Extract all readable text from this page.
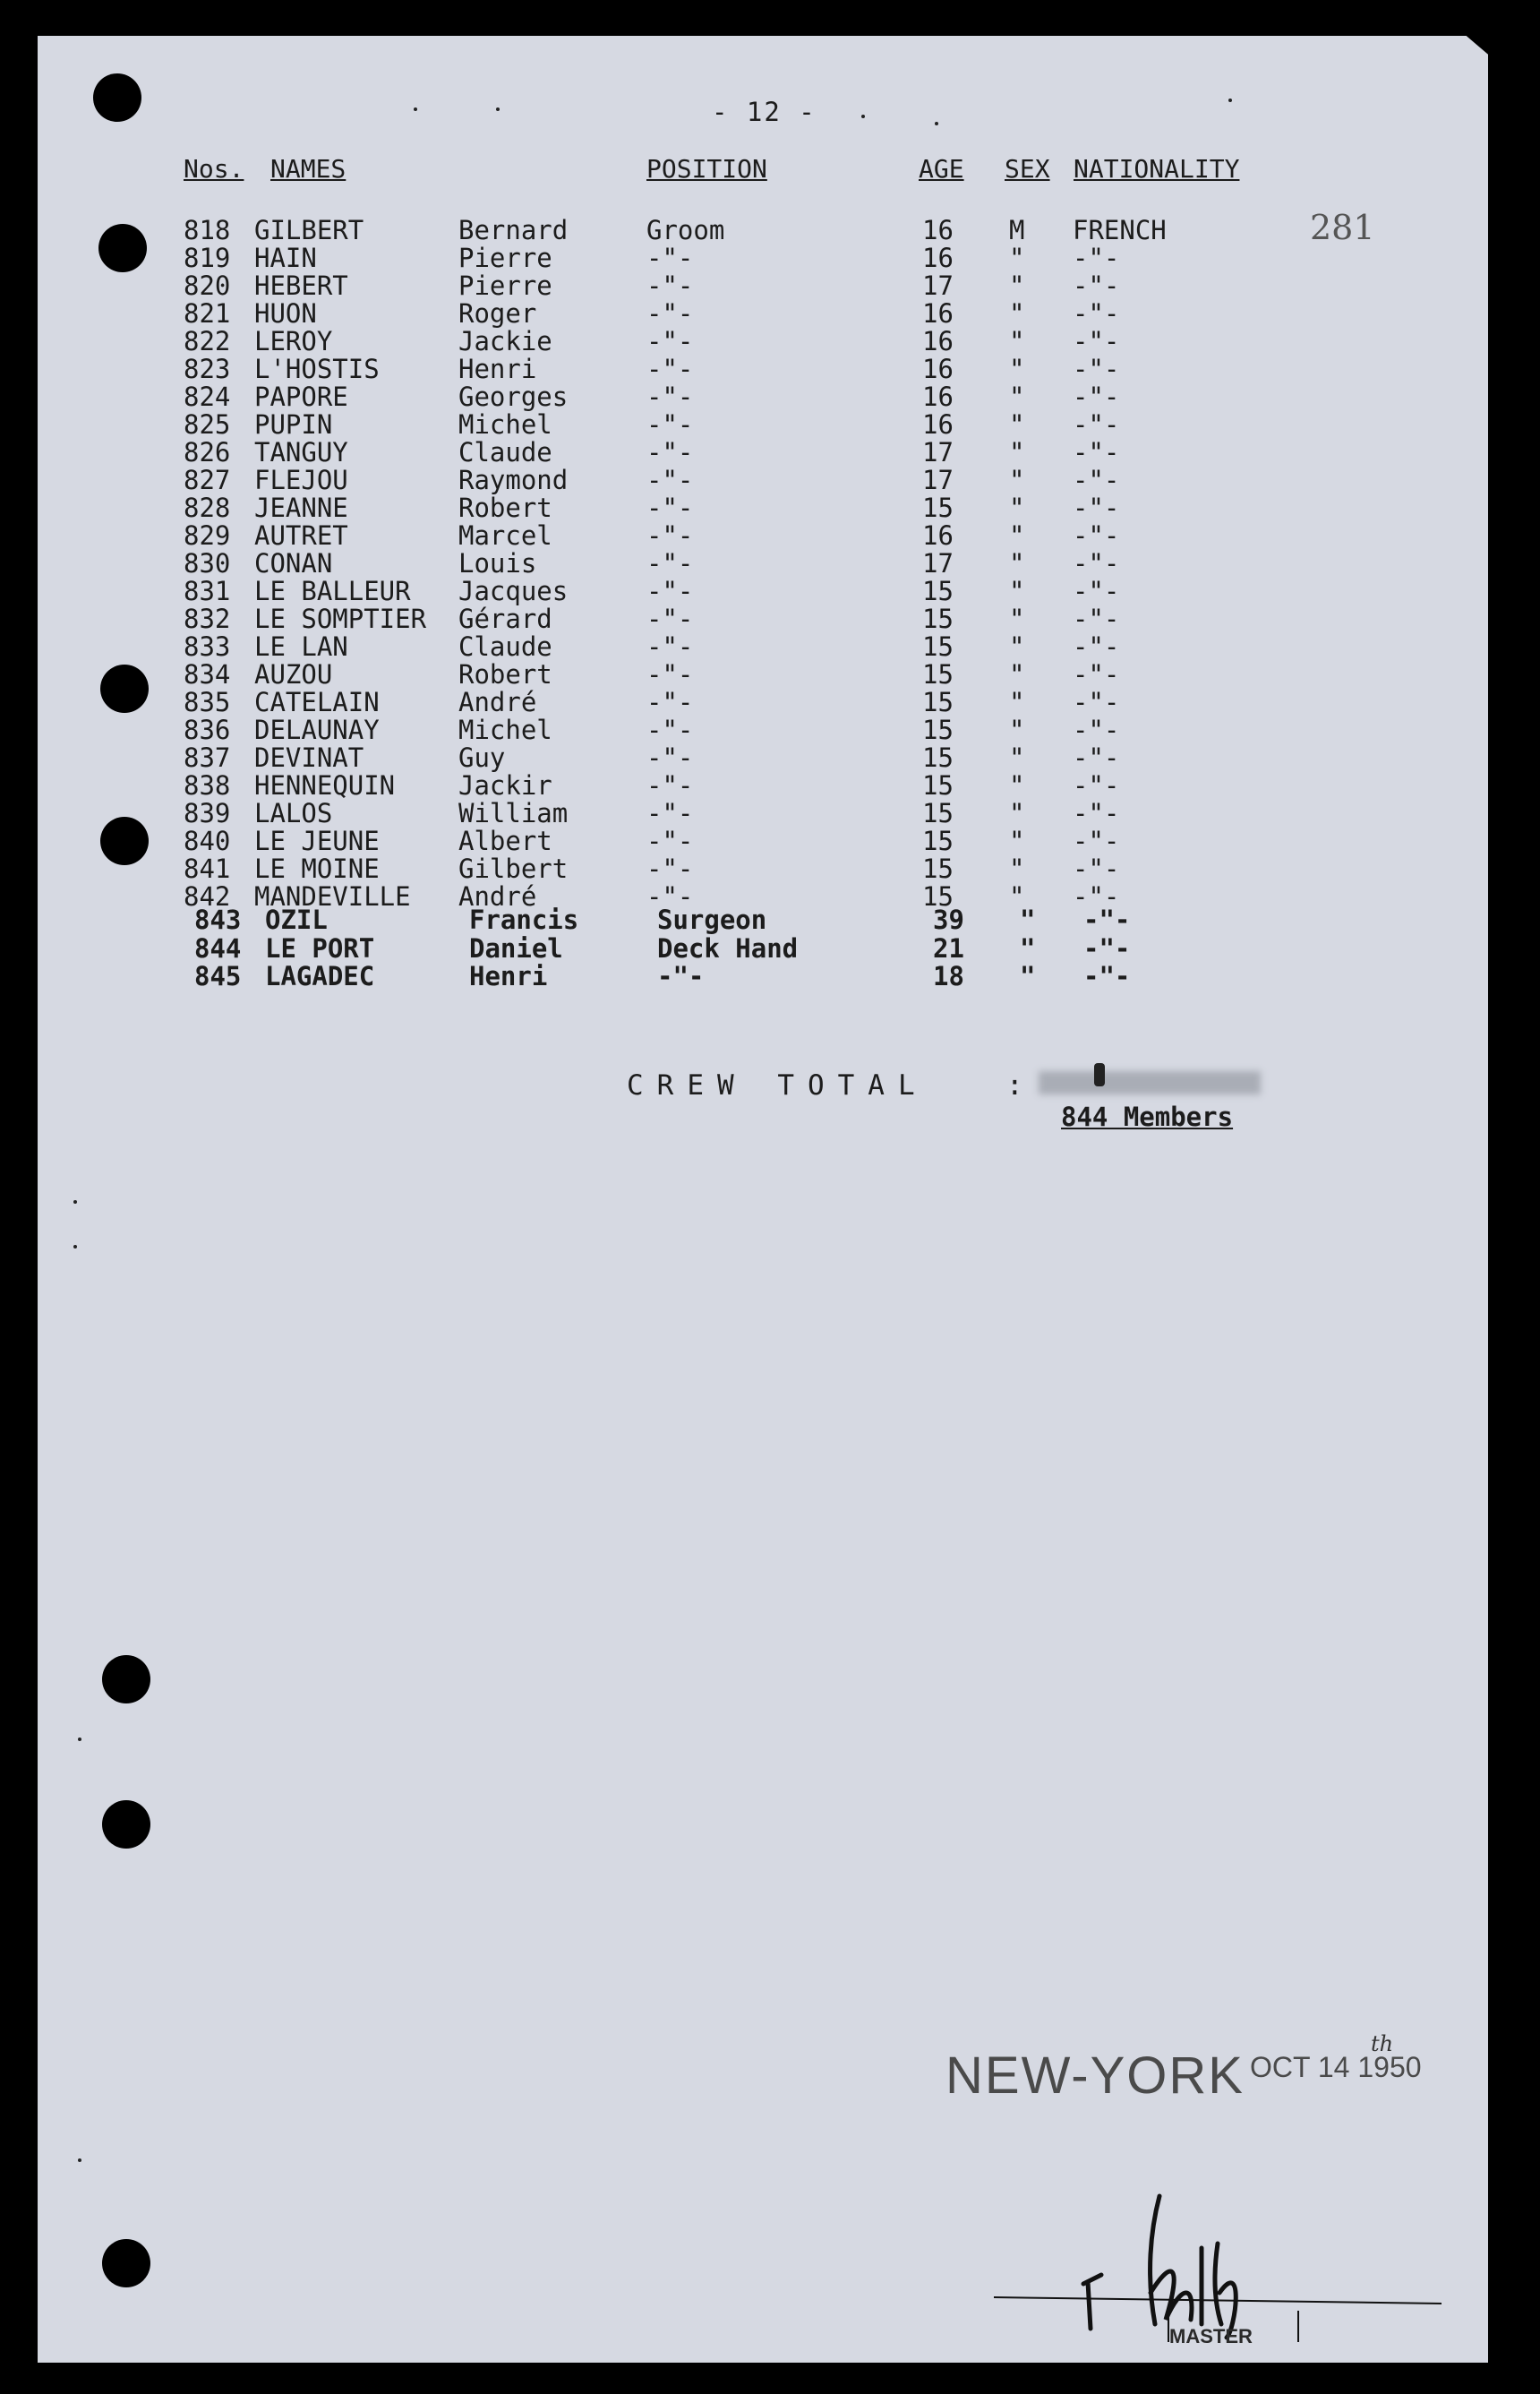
- 12 -
Nos. NAMES	POSITION	AGE SEX NATIONALITY
281
818 GILBERT	Bernard	Groom	16 M FRENCH
819 HAIN	Pierre	-"-	16 " -"-
820 HEBERT	Pierre	-"-	17 " -"-
821 HUON	Roger	-"-	16 " -"-
822 LEROY	Jackie	-"-	16 " -"-
823 L'HOSTIS	Henri	-"-	16 " -"-
824 PAPORE	Georges	-"-	16 " -"-
825 PUPIN	Michel	-"-	16 " -"-
826 TANGUY	Claude	-"-	17 " -"-
827 FLEJOU	Raymond	-"-	17 " -"-
828 JEANNE	Robert	-"-	15 " -"-
829 AUTRET	Marcel	-"-	16 " -"-
830 CONAN	Louis	-"-	17 " -"-
831 LE BALLEUR Jacques	-"-	15 " -"-
832 LE SOMPTIER Gérard	-"-	15 " -"-
833 LE LAN	Claude	-"-	15 " -"-
834 AUZOU	Robert	-"-	15 " -"-
835 CATELAIN	André	-"-	15 " -"-
836 DELAUNAY	Michel	-"-	15 " -"-
837 DEVINAT	Guy	-"-	15 " -"-
838 HENNEQUIN Jackir	-"-	15 " -"-
839 LALOS	William	-"-	15 " -"-
840 LE JEUNE	Albert	-"-	15 " -"-
841 LE MOINE	Gilbert	-"-	15 " -"-
842 MANDEVILLE André	-"-	15 " -"-
843 OZIL	Francis	Surgeon	39 " -"-
844 LE PORT	Daniel	Deck Hand	21 " -"-
845 LAGADEC	Henri	-"-	18 " -"-
CREW TOTAL	:
844 Members
NEW-YORK OCT 14 1950
th
MASTER
